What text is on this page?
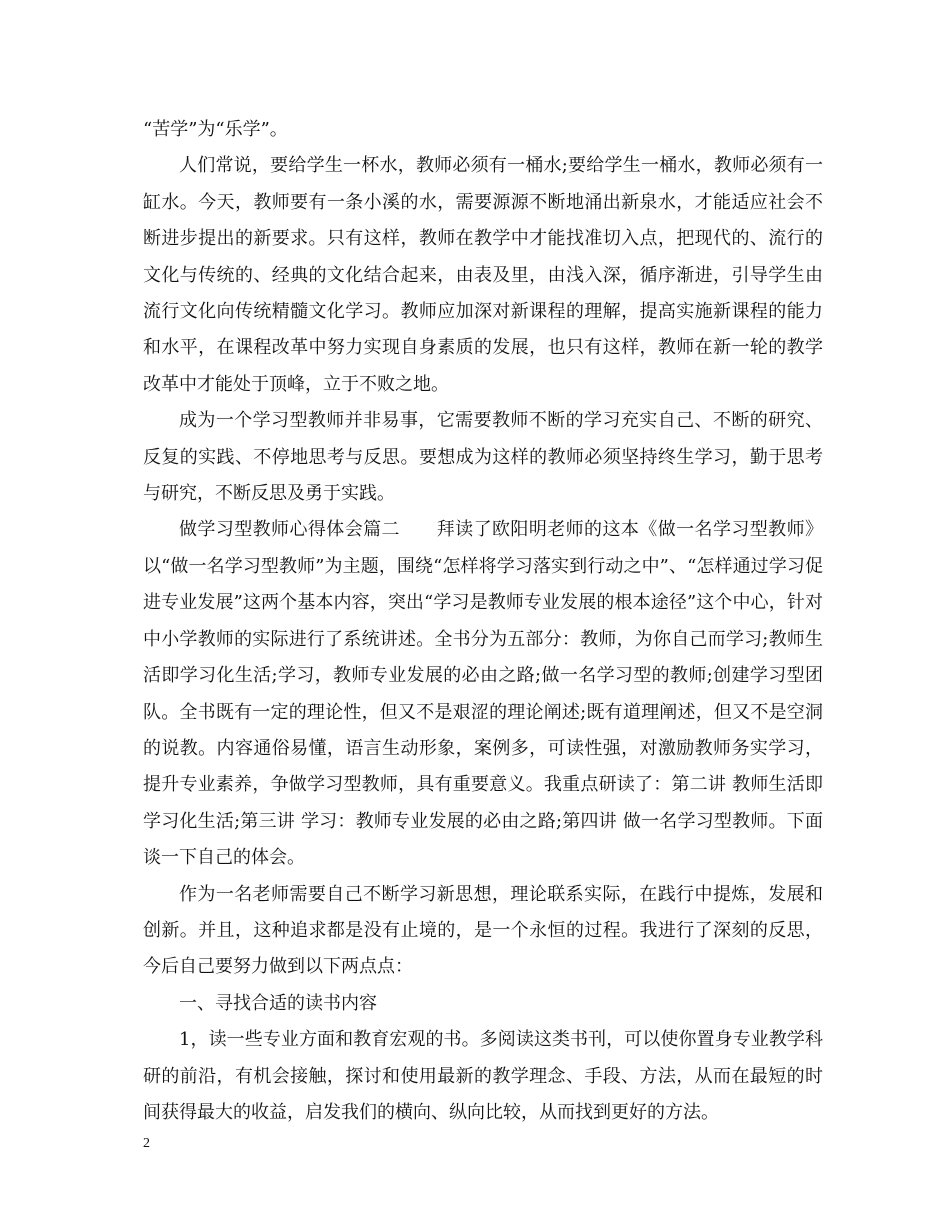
“苦学”为“乐学”。

人们常说，要给学生一杯水，教师必须有一桶水;要给学生一桶水，教师必须有一缸水。今天，教师要有一条小溪的水，需要源源不断地涌出新泉水，才能适应社会不断进步提出的新要求。只有这样，教师在教学中才能找准切入点，把现代的、流行的文化与传统的、经典的文化结合起来，由表及里，由浅入深，循序渐进，引导学生由流行文化向传统精髓文化学习。教师应加深对新课程的理解，提高实施新课程的能力和水平，在课程改革中努力实现自身素质的发展，也只有这样，教师在新一轮的教学改革中才能处于顶峰，立于不败之地。

成为一个学习型教师并非易事，它需要教师不断的学习充实自己、不断的研究、反复的实践、不停地思考与反思。要想成为这样的教师必须坚持终生学习，勤于思考与研究，不断反思及勇于实践。

做学习型教师心得体会篇二　　拜读了欧阳明老师的这本《做一名学习型教师》以“做一名学习型教师”为主题，围绕“怎样将学习落实到行动之中”、“怎样通过学习促进专业发展”这两个基本内容，突出“学习是教师专业发展的根本途径”这个中心，针对中小学教师的实际进行了系统讲述。全书分为五部分：教师，为你自己而学习;教师生活即学习化生活;学习，教师专业发展的必由之路;做一名学习型的教师;创建学习型团队。全书既有一定的理论性，但又不是艰涩的理论阐述;既有道理阐述，但又不是空洞的说教。内容通俗易懂，语言生动形象，案例多，可读性强，对激励教师务实学习，提升专业素养，争做学习型教师，具有重要意义。我重点研读了：第二讲 教师生活即学习化生活;第三讲 学习：教师专业发展的必由之路;第四讲 做一名学习型教师。下面谈一下自己的体会。

作为一名老师需要自己不断学习新思想，理论联系实际，在践行中提炼，发展和创新。并且，这种追求都是没有止境的，是一个永恒的过程。我进行了深刻的反思，今后自己要努力做到以下两点点：

一、寻找合适的读书内容

1，读一些专业方面和教育宏观的书。多阅读这类书刊，可以使你置身专业教学科研的前沿，有机会接触，探讨和使用最新的教学理念、手段、方法，从而在最短的时间获得最大的收益，启发我们的横向、纵向比较，从而找到更好的方法。

2
